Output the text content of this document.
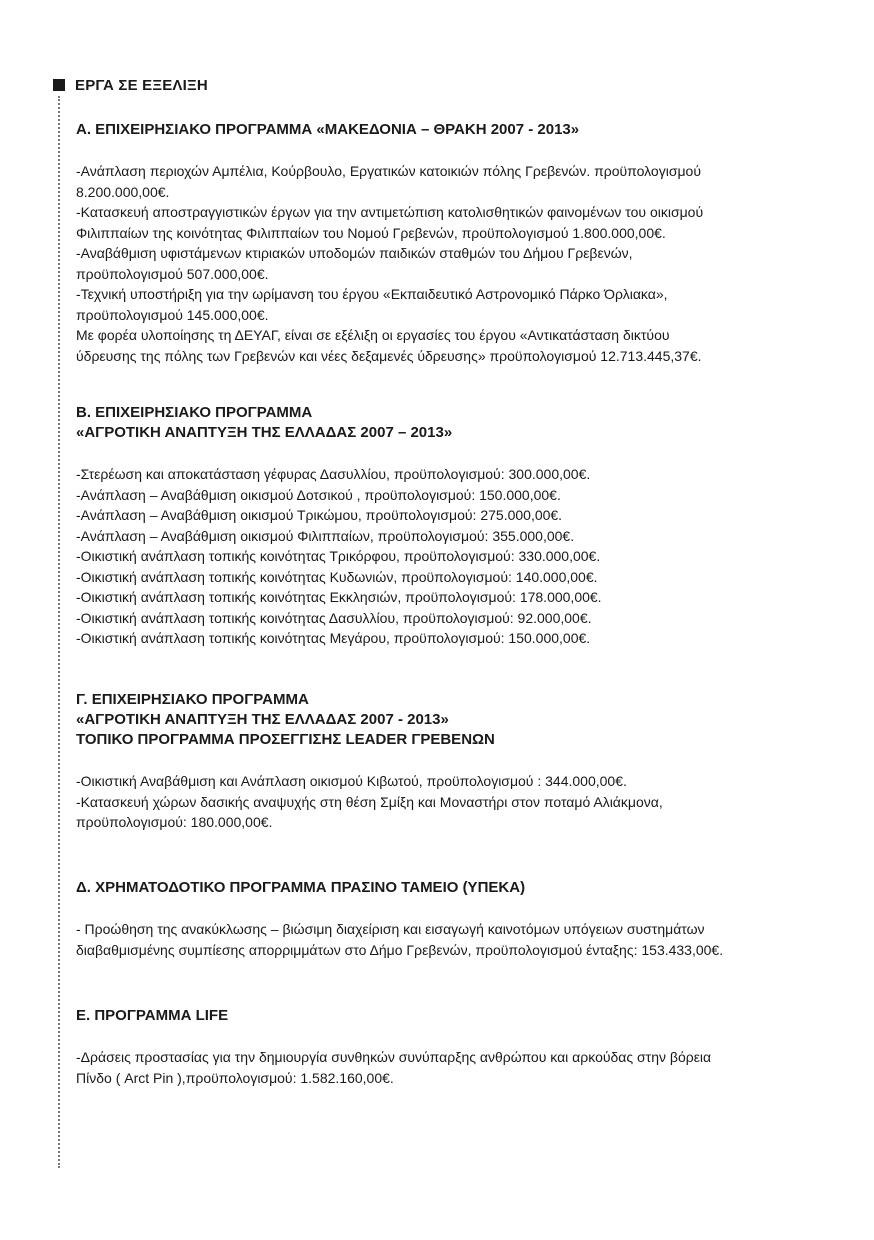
ΕΡΓΑ ΣΕ ΕΞΕΛΙΞΗ
Α. ΕΠΙΧΕΙΡΗΣΙΑΚΟ ΠΡΟΓΡΑΜΜΑ «ΜΑΚΕΔΟΝΙΑ – ΘΡΑΚΗ 2007 - 2013»
-Ανάπλαση περιοχών Αμπέλια, Κούρβουλο, Εργατικών κατοικιών πόλης Γρεβενών. προϋπολογισμού
8.200.000,00€.
-Κατασκευή αποστραγγιστικών έργων για την αντιμετώπιση κατολισθητικών φαινομένων του οικισμού
Φιλιππαίων της κοινότητας Φιλιππαίων του Νομού Γρεβενών, προϋπολογισμού 1.800.000,00€.
-Αναβάθμιση υφιστάμενων κτιριακών υποδομών παιδικών σταθμών του Δήμου Γρεβενών,
προϋπολογισμού 507.000,00€.
-Τεχνική υποστήριξη για την ωρίμανση του έργου «Εκπαιδευτικό Αστρονομικό Πάρκο Όρλιακα»,
προϋπολογισμού 145.000,00€.
Με φορέα υλοποίησης τη ΔΕΥΑΓ, είναι σε εξέλιξη οι εργασίες του έργου «Αντικατάσταση δικτύου
ύδρευσης της πόλης των Γρεβενών και νέες δεξαμενές ύδρευσης» προϋπολογισμού 12.713.445,37€.
Β. ΕΠΙΧΕΙΡΗΣΙΑΚΟ ΠΡΟΓΡΑΜΜΑ
«ΑΓΡΟΤΙΚΗ ΑΝΑΠΤΥΞΗ ΤΗΣ ΕΛΛΑΔΑΣ 2007 – 2013»
-Στερέωση και αποκατάσταση γέφυρας Δασυλλίου, προϋπολογισμού: 300.000,00€.
-Ανάπλαση – Αναβάθμιση οικισμού Δοτσικού , προϋπολογισμού: 150.000,00€.
-Ανάπλαση – Αναβάθμιση οικισμού Τρικώμου, προϋπολογισμού: 275.000,00€.
-Ανάπλαση – Αναβάθμιση οικισμού Φιλιππαίων, προϋπολογισμού: 355.000,00€.
-Οικιστική ανάπλαση τοπικής κοινότητας Τρικόρφου, προϋπολογισμού: 330.000,00€.
-Οικιστική ανάπλαση τοπικής κοινότητας Κυδωνιών, προϋπολογισμού: 140.000,00€.
-Οικιστική ανάπλαση τοπικής κοινότητας Εκκλησιών, προϋπολογισμού: 178.000,00€.
-Οικιστική ανάπλαση τοπικής κοινότητας Δασυλλίου, προϋπολογισμού: 92.000,00€.
-Οικιστική ανάπλαση τοπικής κοινότητας Μεγάρου, προϋπολογισμού: 150.000,00€.
Γ. ΕΠΙΧΕΙΡΗΣΙΑΚΟ ΠΡΟΓΡΑΜΜΑ
«ΑΓΡΟΤΙΚΗ ΑΝΑΠΤΥΞΗ ΤΗΣ ΕΛΛΑΔΑΣ 2007 - 2013»
ΤΟΠΙΚΟ ΠΡΟΓΡΑΜΜΑ ΠΡΟΣΕΓΓΙΣΗΣ LEADER ΓΡΕΒΕΝΩΝ
-Οικιστική Αναβάθμιση και Ανάπλαση οικισμού Κιβωτού, προϋπολογισμού : 344.000,00€.
-Κατασκευή χώρων δασικής αναψυχής στη θέση Σμίξη και Μοναστήρι στον ποταμό Αλιάκμονα,
προϋπολογισμού: 180.000,00€.
Δ. ΧΡΗΜΑΤΟΔΟΤΙΚΟ ΠΡΟΓΡΑΜΜΑ ΠΡΑΣΙΝΟ ΤΑΜΕΙΟ (ΥΠΕΚΑ)
- Προώθηση της ανακύκλωσης – βιώσιμη διαχείριση και εισαγωγή καινοτόμων υπόγειων συστημάτων
διαβαθμισμένης συμπίεσης απορριμμάτων στο Δήμο Γρεβενών, προϋπολογισμού ένταξης: 153.433,00€.
Ε. ΠΡΟΓΡΑΜΜΑ LIFE
-Δράσεις προστασίας για την δημιουργία συνθηκών συνύπαρξης ανθρώπου και αρκούδας στην βόρεια
Πίνδο ( Arct Pin ),προϋπολογισμού: 1.582.160,00€.
